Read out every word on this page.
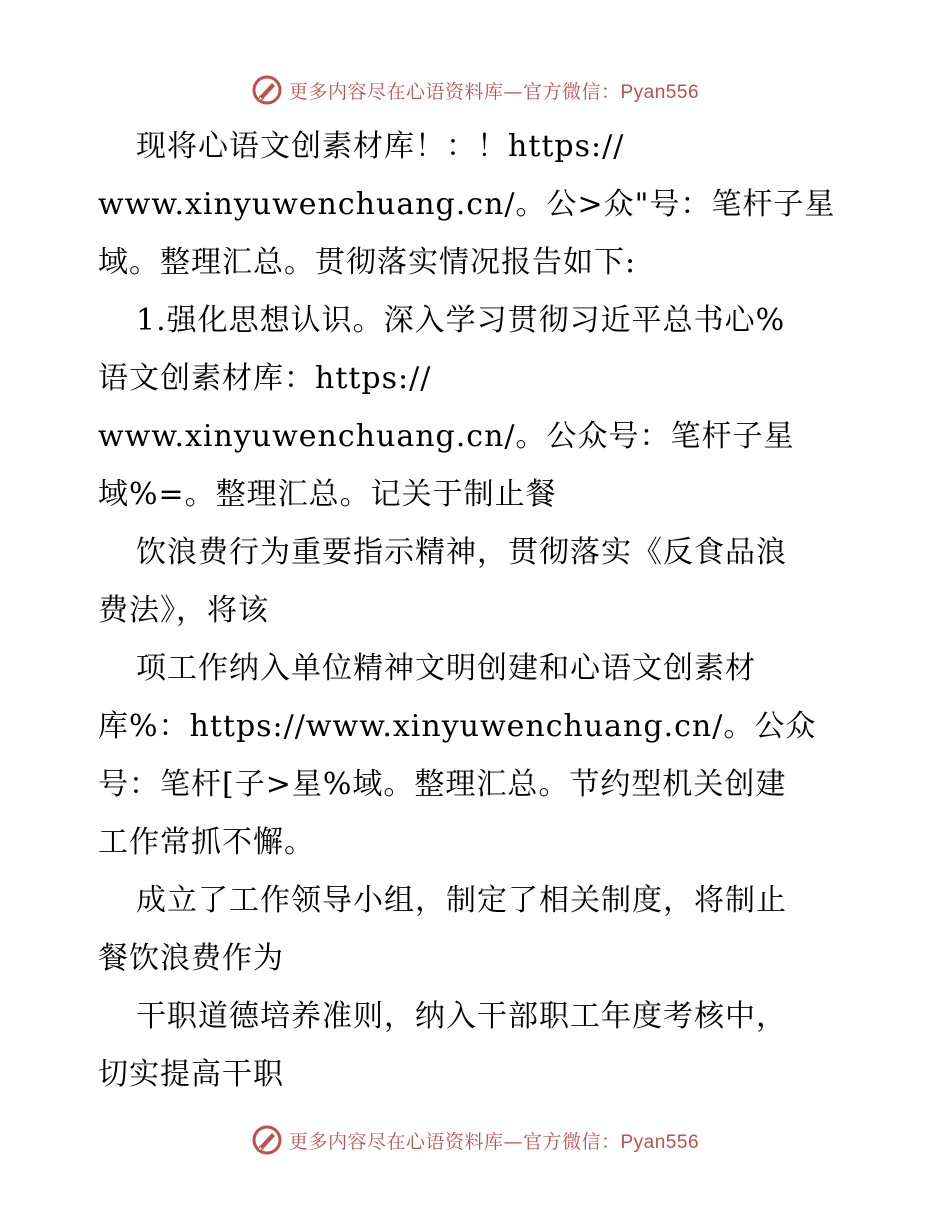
更多内容尽在心语资料库—官方微信：Pyan556
现将心语文创素材库！：！https://
www.xinyuwenchuang.cn/。公>众"号：笔杆子星
域。整理汇总。贯彻落实情况报告如下:
1.强化思想认识。深入学习贯彻习近平总书心%
语文创素材库：https://
www.xinyuwenchuang.cn/。公众号：笔杆子星
域%=。整理汇总。记关于制止餐
饮浪费行为重要指示精神，贯彻落实《反食品浪
费法》，将该
项工作纳入单位精神文明创建和心语文创素材
库%：https://www.xinyuwenchuang.cn/。公众
号：笔杆[子>星%域。整理汇总。节约型机关创建
工作常抓不懈。
成立了工作领导小组，制定了相关制度，将制止
餐饮浪费作为
干职道德培养准则，纳入干部职工年度考核中，
切实提高干职
更多内容尽在心语资料库—官方微信：Pyan556
